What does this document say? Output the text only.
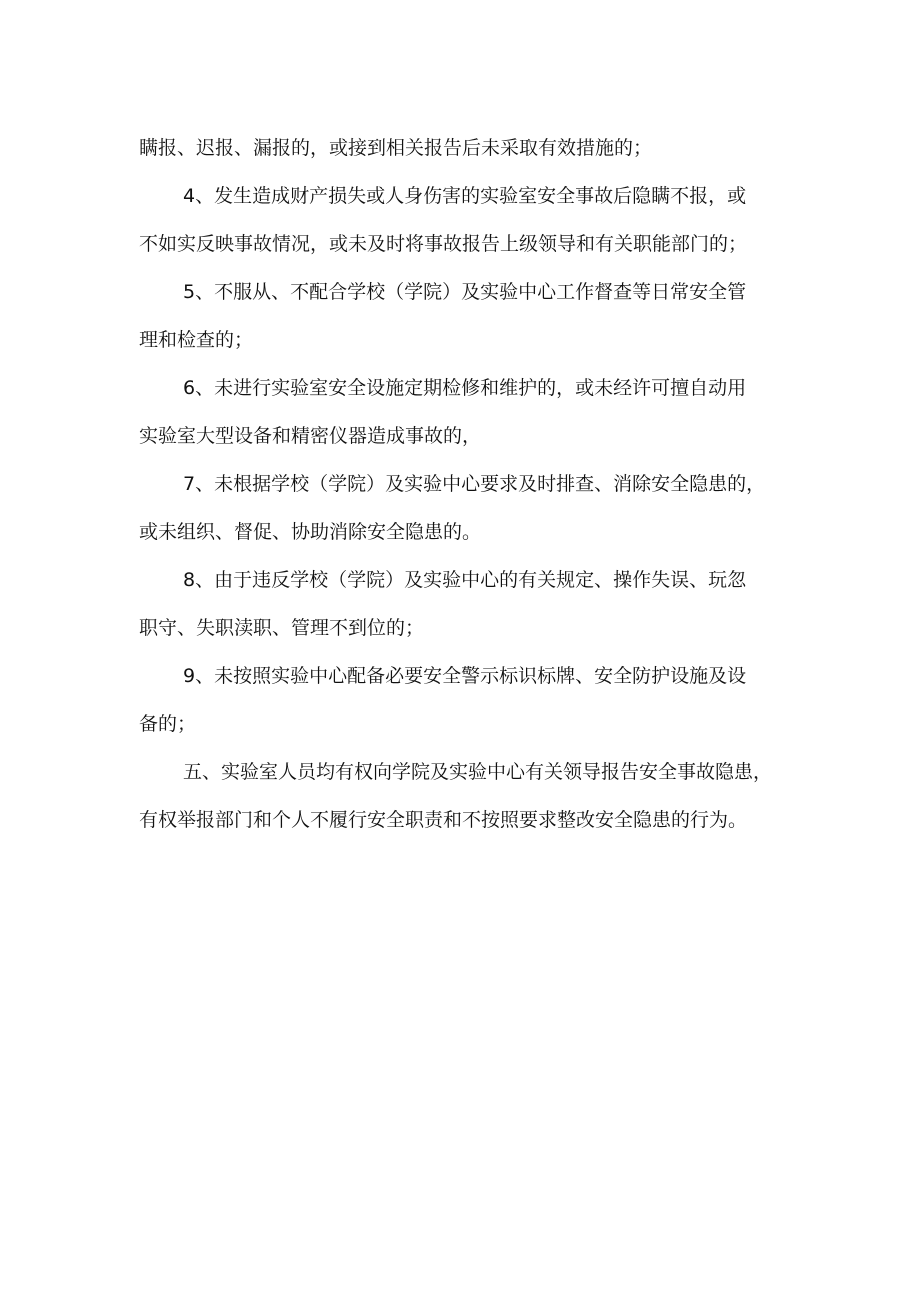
瞒报、迟报、漏报的，或接到相关报告后未采取有效措施的；

4、发生造成财产损失或人身伤害的实验室安全事故后隐瞒不报，或

不如实反映事故情况，或未及时将事故报告上级领导和有关职能部门的；

5、不服从、不配合学校（学院）及实验中心工作督查等日常安全管

理和检查的；

6、未进行实验室安全设施定期检修和维护的，或未经许可擅自动用

实验室大型设备和精密仪器造成事故的，

7、未根据学校（学院）及实验中心要求及时排查、消除安全隐患的，

或未组织、督促、协助消除安全隐患的。

8、由于违反学校（学院）及实验中心的有关规定、操作失误、玩忽

职守、失职渎职、管理不到位的；

9、未按照实验中心配备必要安全警示标识标牌、安全防护设施及设

备的；

五、实验室人员均有权向学院及实验中心有关领导报告安全事故隐患，

有权举报部门和个人不履行安全职责和不按照要求整改安全隐患的行为。
